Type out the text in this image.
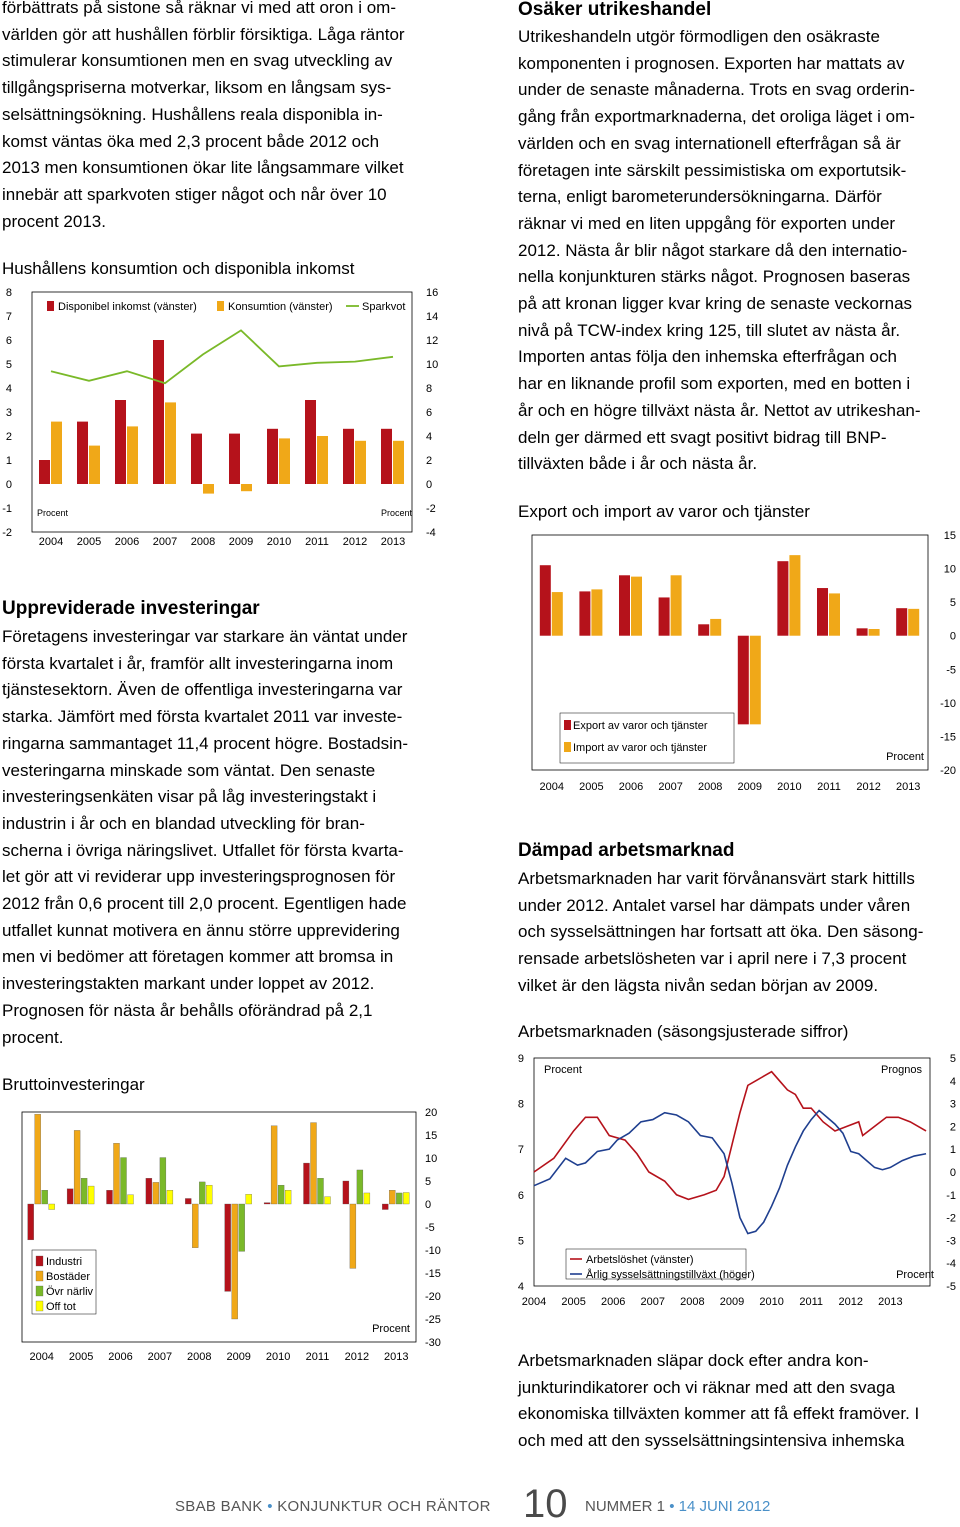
förbättrats på sistone så räknar vi med att oron i om-
världen gör att hushållen förblir försiktiga. Låga räntor
stimulerar konsumtionen men en svag utveckling av
tillgångspriserna motverkar, liksom en långsam sys-
selsättningsökning. Hushållens reala disponibla in-
komst väntas öka med 2,3 procent både 2012 och
2013 men konsumtionen ökar lite långsammare vilket
innebär att sparkvoten stiger något och når över 10
procent 2013.
Hushållens konsumtion och disponibla inkomst
8
7
6
5
4
3
2
1
0
-1
-2
16
14
12
10
8
6
4
2
0
-2
-4
2004 2005 2006 2007 2008 2009 2010 2011 2012 2013
Disponibel inkomst (vänster)	Konsumtion (vänster)	Sparkvot
Procent	Procent
Uppreviderade investeringar
Företagens investeringar var starkare än väntat under
första kvartalet i år, framför allt investeringarna inom
tjänstesektorn. Även de offentliga investeringarna var
starka. Jämfört med första kvartalet 2011 var investe-
ringarna sammantaget 11,4 procent högre. Bostadsin-
vesteringarna minskade som väntat. Den senaste
investeringsenkäten visar på låg investeringstakt i
industrin i år och en blandad utveckling för bran-
scherna i övriga näringslivet. Utfallet för första kvarta-
let gör att vi reviderar upp investeringsprognosen för
2012 från 0,6 procent till 2,0 procent. Egentligen hade
utfallet kunnat motivera en ännu större upprevidering
men vi bedömer att företagen kommer att bromsa in
investeringstakten markant under loppet av 2012.
Prognosen för nästa år behålls oförändrad på 2,1
procent.
Bruttoinvesteringar
20
15
10
5
0
-5
-10
-15
-20
-25
-30
2004 2005 2006 2007 2008 2009 2010 2011 2012 2013
Industri
Bostäder
Övr närliv
Off tot
Procent
Osäker utrikeshandel
Utrikeshandeln utgör förmodligen den osäkraste
komponenten i prognosen. Exporten har mattats av
under de senaste månaderna. Trots en svag orderin-
gång från exportmarknaderna, det oroliga läget i om-
världen och en svag internationell efterfrågan så är
företagen inte särskilt pessimistiska om exportutsik-
terna, enligt barometerundersökningarna. Därför
räknar vi med en liten uppgång för exporten under
2012. Nästa år blir något starkare då den internatio-
nella konjunkturen stärks något. Prognosen baseras
på att kronan ligger kvar kring de senaste veckornas
nivå på TCW-index kring 125, till slutet av nästa år.
Importen antas följa den inhemska efterfrågan och
har en liknande profil som exporten, med en botten i
år och en högre tillväxt nästa år. Nettot av utrikeshan-
deln ger därmed ett svagt positivt bidrag till BNP-
tillväxten både i år och nästa år.
Export och import av varor och tjänster
15
10
5
0
-5
-10
-15
-20
2004 2005 2006 2007 2008 2009 2010 2011 2012 2013
Export av varor och tjänster
Import av varor och tjänster
Procent
Dämpad arbetsmarknad
Arbetsmarknaden har varit förvånansvärt stark hittills
under 2012. Antalet varsel har dämpats under våren
och sysselsättningen har fortsatt att öka. Den säsong-
rensade arbetslösheten var i april nere i 7,3 procent
vilket är den lägsta nivån sedan början av 2009.
Arbetsmarknaden (säsongsjusterade siffror)
9
8
7
6
5
4
5
4
3
2
1
0
-1
-2
-3
-4
-5
2004 2005 2006 2007 2008 2009 2010 2011 2012 2013
Procent	Prognos
Procent
Arbetslöshet (vänster)
Årlig sysselsättningstillväxt (höger)
Arbetsmarknaden släpar dock efter andra kon-
junkturindikatorer och vi räknar med att den svaga
ekonomiska tillväxten kommer att få effekt framöver. I
och med att den sysselsättningsintensiva inhemska
SBAB BANK • KONJUNKTUR OCH RÄNTOR 10 NUMMER 1 • 14 JUNI 2012
